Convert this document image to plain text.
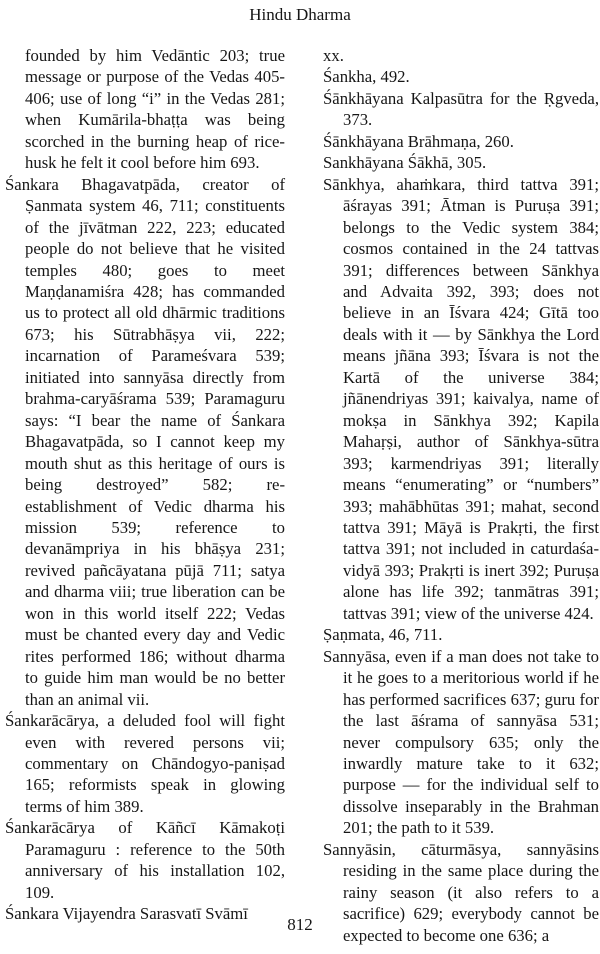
Hindu Dharma

founded by him Vedāntic 203; true message or purpose of the Vedas 405-406; use of long “i” in the Vedas 281; when Kumārila-bhaṭṭa was being scorched in the burning heap of rice-husk he felt it cool before him 693.

Śankara Bhagavatpāda, creator of Ṣanmata system 46, 711; constituents of the jīvātman 222, 223; educated people do not believe that he visited temples 480; goes to meet Maṇḍanamiśra 428; has commanded us to protect all old dhārmic traditions 673; his Sūtrabhāṣya vii, 222; incarnation of Parameśvara 539; initiated into sannyāsa directly from brahma-caryāśrama 539; Paramaguru says: “I bear the name of Śankara Bhagavatpāda, so I cannot keep my mouth shut as this heritage of ours is being destroyed” 582; re-establishment of Vedic dharma his mission 539; reference to devanāmpriya in his bhāṣya 231; revived pañcāyatana pūjā 711; satya and dharma viii; true liberation can be won in this world itself 222; Vedas must be chanted every day and Vedic rites performed 186; without dharma to guide him man would be no better than an animal vii.

Śankarācārya, a deluded fool will fight even with revered persons vii; commentary on Chāndogyo-paniṣad 165; reformists speak in glowing terms of him 389.

Śankarācārya of Kāñcī Kāmakoṭi Paramaguru : reference to the 50th anniversary of his installation 102, 109.

Śankara Vijayendra Sarasvatī Svāmī

xx.

Śankha, 492.

Śānkhāyana Kalpasūtra for the Ṛgveda, 373.

Śānkhāyana Brāhmaṇa, 260.

Sankhāyana Śākhā, 305.

Sānkhya, ahaṁkara, third tattva 391; āśrayas 391; Ātman is Puruṣa 391; belongs to the Vedic system 384; cosmos contained in the 24 tattvas 391; differences between Sānkhya and Advaita 392, 393; does not believe in an Īśvara 424; Gītā too deals with it — by Sānkhya the Lord means jñāna 393; Īśvara is not the Kartā of the universe 384; jñānendriyas 391; kaivalya, name of mokṣa in Sānkhya 392; Kapila Mahaṛṣi, author of Sānkhya-sūtra 393; karmendriyas 391; literally means “enumerating” or “numbers” 393; mahābhūtas 391; mahat, second tattva 391; Māyā is Prakṛti, the first tattva 391; not included in caturdaśa-vidyā 393; Prakṛti is inert 392; Puruṣa alone has life 392; tanmātras 391; tattvas 391; view of the universe 424.

Ṣaṇmata, 46, 711.

Sannyāsa, even if a man does not take to it he goes to a meritorious world if he has performed sacrifices 637; guru for the last āśrama of sannyāsa 531; never compulsory 635; only the inwardly mature take to it 632; purpose — for the individual self to dissolve inseparably in the Brahman 201; the path to it 539.

Sannyāsin, cāturmāsya, sannyāsins residing in the same place during the rainy season (it also refers to a sacrifice) 629; everybody cannot be expected to become one 636; a

812
